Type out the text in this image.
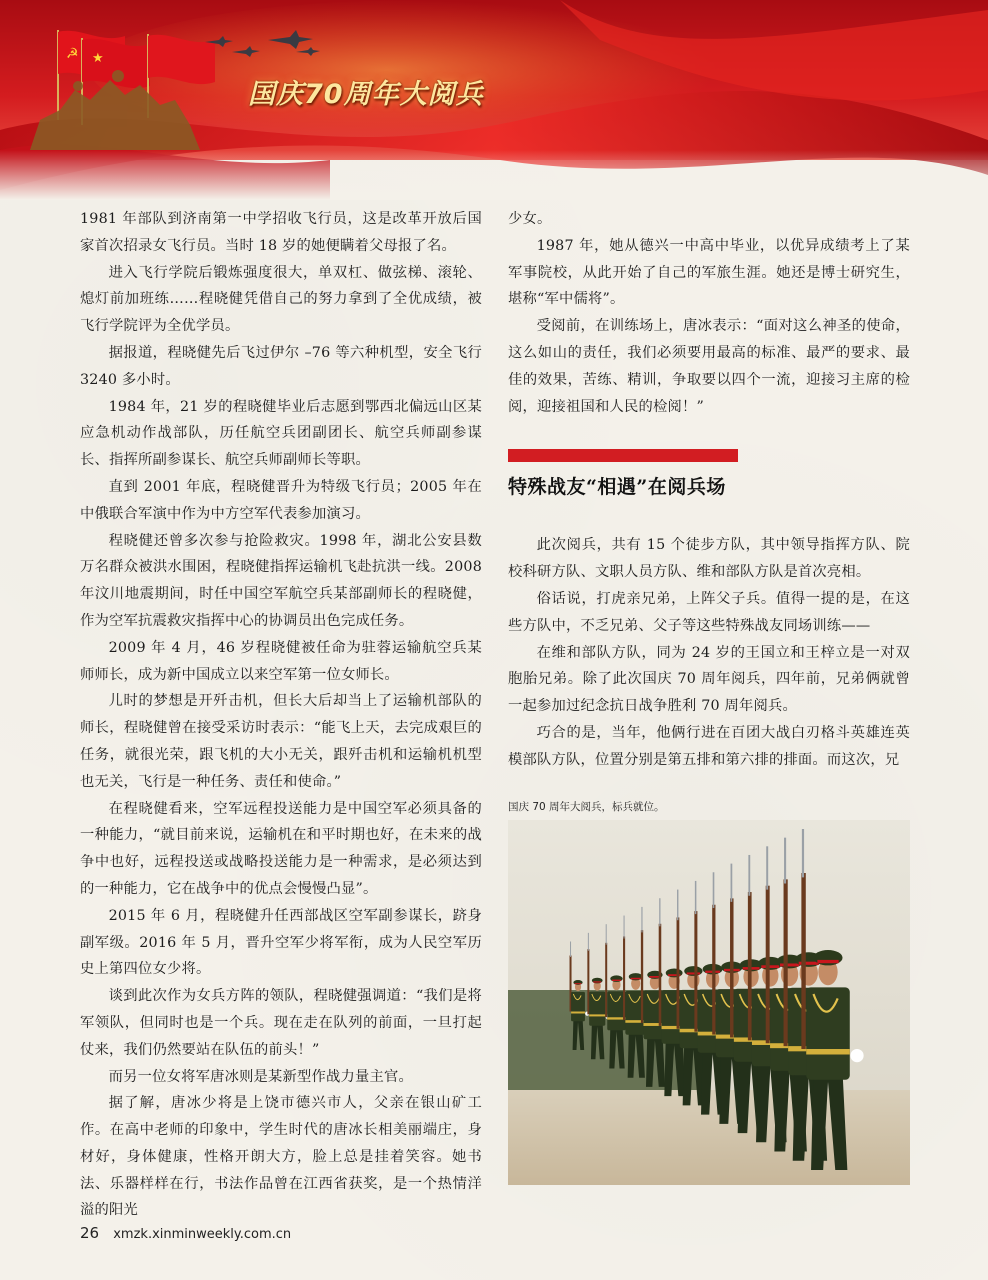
☭ ★
国庆70周年大阅兵

1981 年部队到济南第一中学招收飞行员，这是改革开放后国家首次招录女飞行员。当时 18 岁的她便瞒着父母报了名。

进入飞行学院后锻炼强度很大，单双杠、做弦梯、滚轮、熄灯前加班练……程晓健凭借自己的努力拿到了全优成绩，被飞行学院评为全优学员。

据报道，程晓健先后飞过伊尔 –76 等六种机型，安全飞行 3240 多小时。

1984 年，21 岁的程晓健毕业后志愿到鄂西北偏远山区某应急机动作战部队，历任航空兵团副团长、航空兵师副参谋长、指挥所副参谋长、航空兵师副师长等职。

直到 2001 年底，程晓健晋升为特级飞行员；2005 年在中俄联合军演中作为中方空军代表参加演习。

程晓健还曾多次参与抢险救灾。1998 年，湖北公安县数万名群众被洪水围困，程晓健指挥运输机飞赴抗洪一线。2008 年汶川地震期间，时任中国空军航空兵某部副师长的程晓健，作为空军抗震救灾指挥中心的协调员出色完成任务。

2009 年 4 月，46 岁程晓健被任命为驻蓉运输航空兵某师师长，成为新中国成立以来空军第一位女师长。

儿时的梦想是开歼击机，但长大后却当上了运输机部队的师长，程晓健曾在接受采访时表示：“能飞上天，去完成艰巨的任务，就很光荣，跟飞机的大小无关，跟歼击机和运输机机型也无关，飞行是一种任务、责任和使命。”

在程晓健看来，空军远程投送能力是中国空军必须具备的一种能力，“就目前来说，运输机在和平时期也好，在未来的战争中也好，远程投送或战略投送能力是一种需求，是必须达到的一种能力，它在战争中的优点会慢慢凸显”。

2015 年 6 月，程晓健升任西部战区空军副参谋长，跻身副军级。2016 年 5 月，晋升空军少将军衔，成为人民空军历史上第四位女少将。

谈到此次作为女兵方阵的领队，程晓健强调道：“我们是将军领队，但同时也是一个兵。现在走在队列的前面，一旦打起仗来，我们仍然要站在队伍的前头！”

而另一位女将军唐冰则是某新型作战力量主官。

据了解，唐冰少将是上饶市德兴市人，父亲在银山矿工作。在高中老师的印象中，学生时代的唐冰长相美丽端庄，身材好，身体健康，性格开朗大方，脸上总是挂着笑容。她书法、乐器样样在行，书法作品曾在江西省获奖，是一个热情洋溢的阳光

少女。

1987 年，她从德兴一中高中毕业，以优异成绩考上了某军事院校，从此开始了自己的军旅生涯。她还是博士研究生，堪称“军中儒将”。

受阅前，在训练场上，唐冰表示：“面对这么神圣的使命，这么如山的责任，我们必须要用最高的标准、最严的要求、最佳的效果，苦练、精训，争取要以四个一流，迎接习主席的检阅，迎接祖国和人民的检阅！”

特殊战友“相遇”在阅兵场

此次阅兵，共有 15 个徒步方队，其中领导指挥方队、院校科研方队、文职人员方队、维和部队方队是首次亮相。

俗话说，打虎亲兄弟，上阵父子兵。值得一提的是，在这些方队中，不乏兄弟、父子等这些特殊战友同场训练——

在维和部队方队，同为 24 岁的王国立和王梓立是一对双胞胎兄弟。除了此次国庆 70 周年阅兵，四年前，兄弟俩就曾一起参加过纪念抗日战争胜利 70 周年阅兵。

巧合的是，当年，他俩行进在百团大战白刃格斗英雄连英模部队方队，位置分别是第五排和第六排的排面。而这次，兄

国庆 70 周年大阅兵，标兵就位。
26 xmzk.xinminweekly.com.cn
